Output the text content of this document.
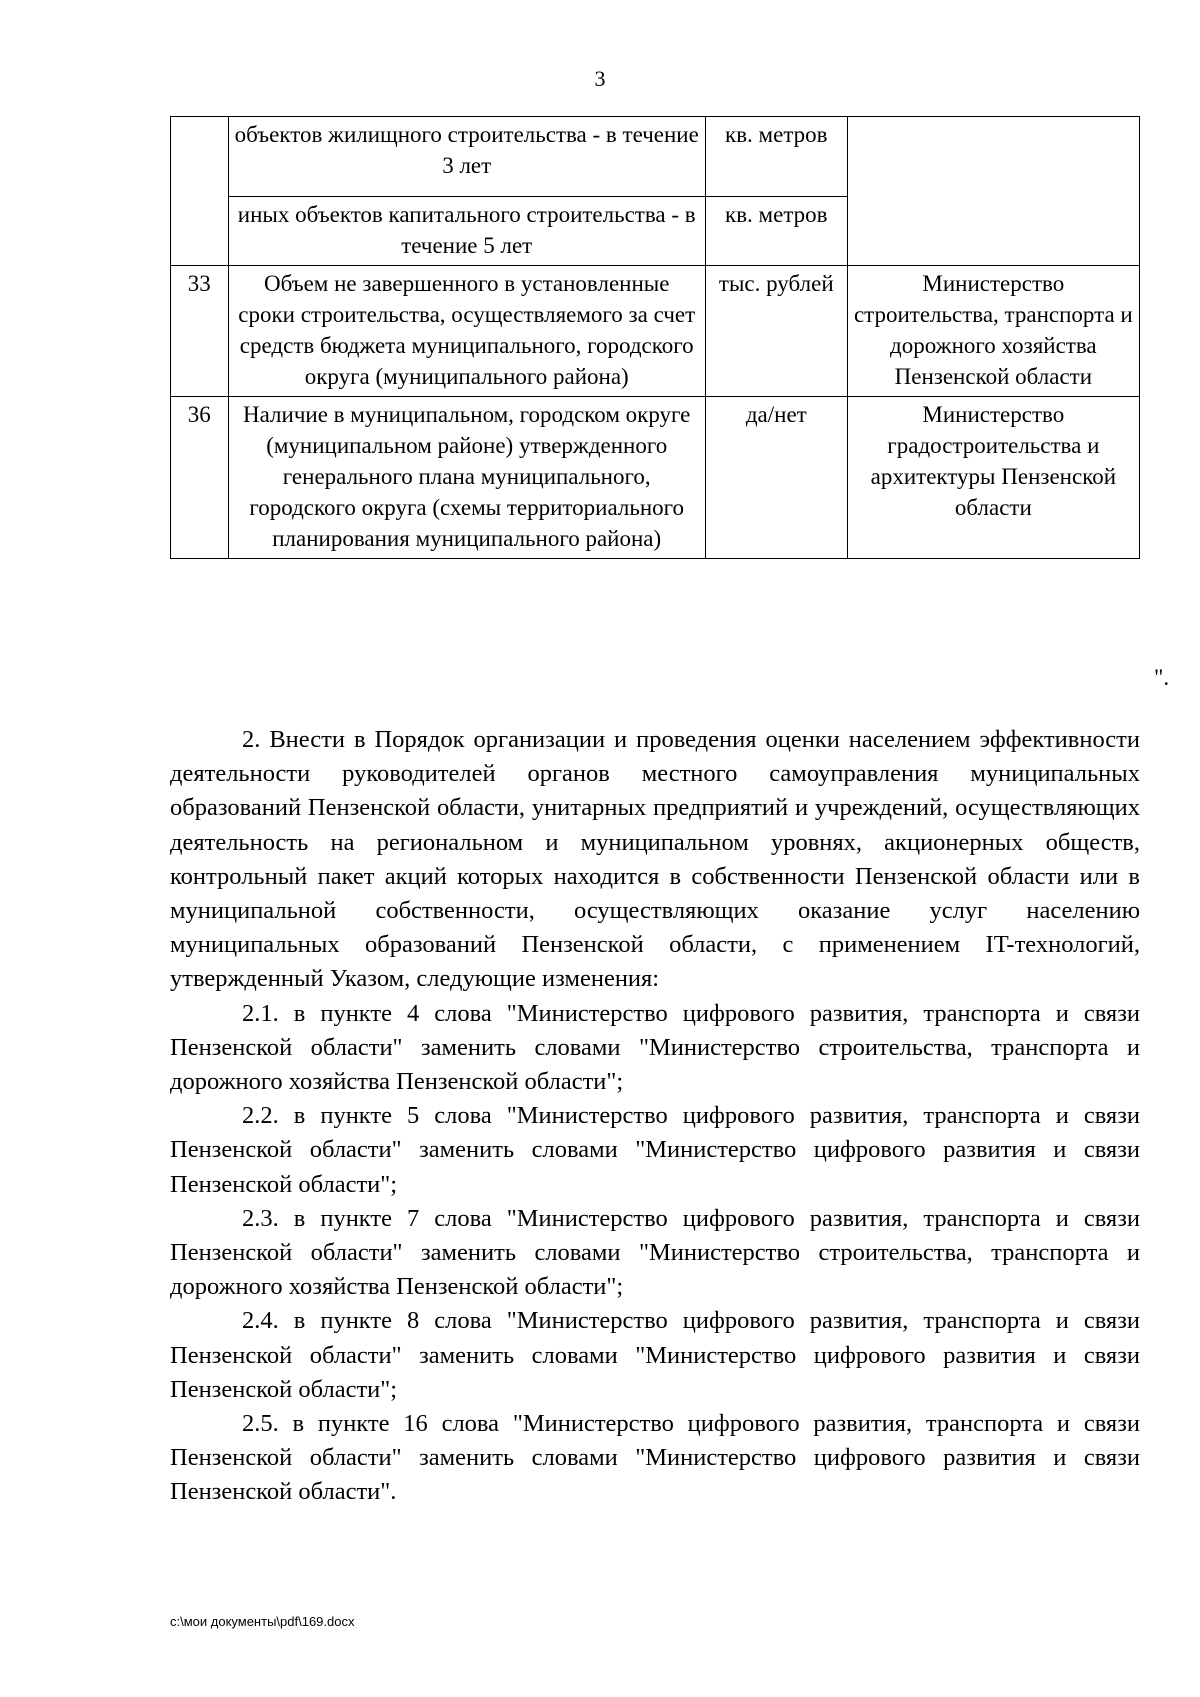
3
	объектов жилищного строительства - в течение 3 лет	кв. метров	
	иных объектов капитального строительства - в течение 5 лет	кв. метров	
33	Объем не завершенного в установленные сроки строительства, осуществляемого за счет средств бюджета муниципального, городского округа (муниципального района)	тыс. рублей	Министерство строительства, транспорта и дорожного хозяйства Пензенской области
36	Наличие в муниципальном, городском округе (муниципальном районе) утвержденного генерального плана муниципального, городского округа (схемы территориального планирования муниципального района)	да/нет	Министерство градостроительства и архитектуры Пензенской области
".

2. Внести в Порядок организации и проведения оценки населением эффективности деятельности руководителей органов местного самоуправления муниципальных образований Пензенской области, унитарных предприятий и учреждений, осуществляющих деятельность на региональном и муниципальном уровнях, акционерных обществ, контрольный пакет акций которых находится в собственности Пензенской области или в муниципальной собственности, осуществляющих оказание услуг населению муниципальных образований Пензенской области, с применением IT-технологий, утвержденный Указом, следующие изменения:

2.1. в пункте 4 слова "Министерство цифрового развития, транспорта и связи Пензенской области" заменить словами "Министерство строительства, транспорта и дорожного хозяйства Пензенской области";

2.2. в пункте 5 слова "Министерство цифрового развития, транспорта и связи Пензенской области" заменить словами "Министерство цифрового развития и связи Пензенской области";

2.3. в пункте 7 слова "Министерство цифрового развития, транспорта и связи Пензенской области" заменить словами "Министерство строительства, транспорта и дорожного хозяйства Пензенской области";

2.4. в пункте 8 слова "Министерство цифрового развития, транспорта и связи Пензенской области" заменить словами "Министерство цифрового развития и связи Пензенской области";

2.5. в пункте 16 слова "Министерство цифрового развития, транспорта и связи Пензенской области" заменить словами "Министерство цифрового развития и связи Пензенской области".

c:\мои документы\pdf\169.docx
